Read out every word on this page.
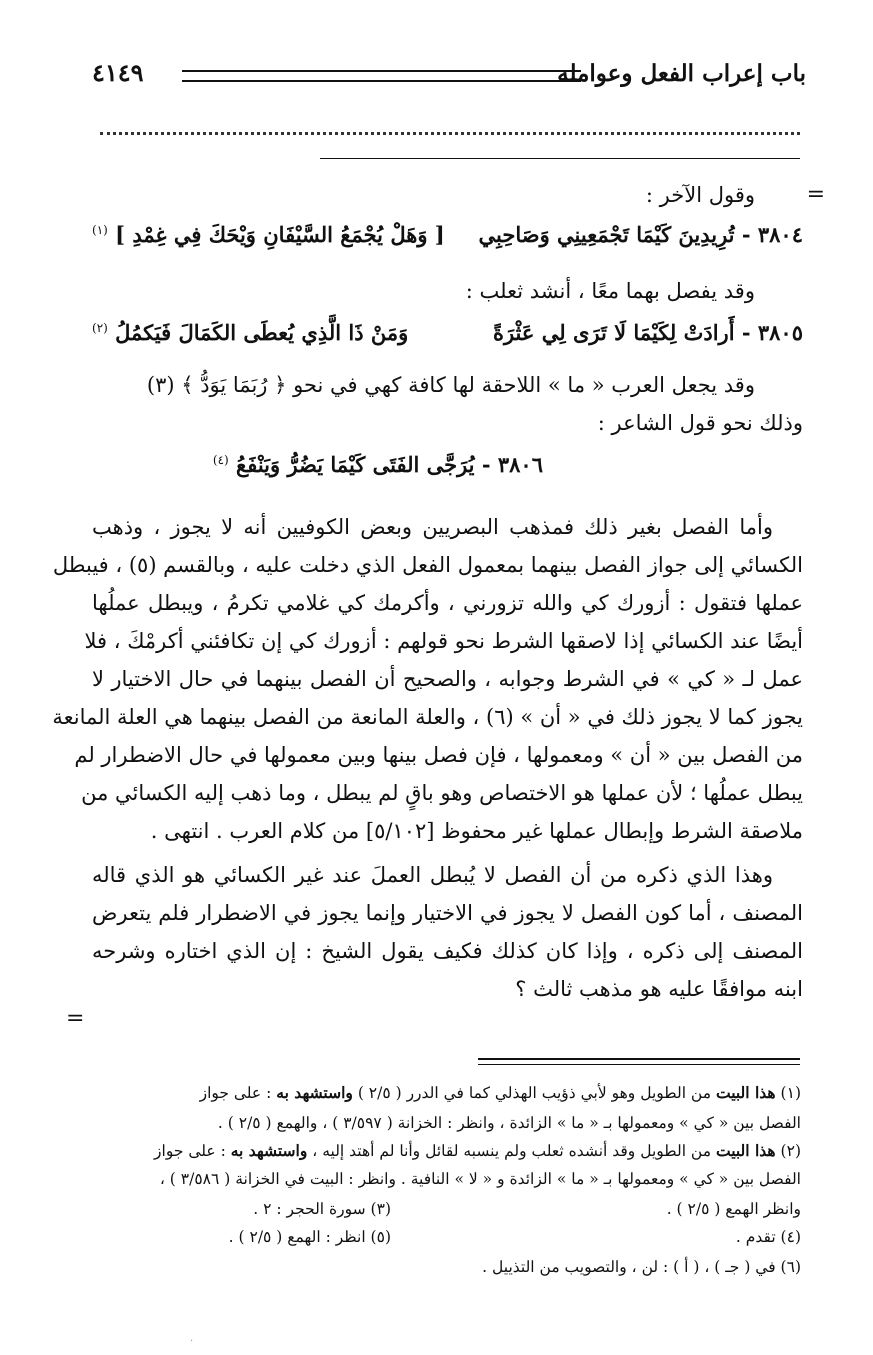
باب إعراب الفعل وعوامله
٤١٤٩
=
وقول الآخر :
٣٨٠٤ - تُرِيدِينَ كَيْمَا تَجْمَعِينِي وَصَاحِبِي
[ وَهَلْ يُجْمَعُ السَّيْفَانِ وَيْحَكَ فِي غِمْدِ ] $^{(١)}$
وقد يفصل بهما معًا ، أنشد ثعلب :
٣٨٠٥ - أَرادَتْ لِكَيْمَا لَا تَرَى لِي عَثْرَةً
وَمَنْ ذَا الَّذِي يُعطَى الكَمَالَ فَيَكمُلُ $^{(٢)}$
وقد يجعل العرب « ما » اللاحقة لها كافة كهي في نحو ﴿ رُبَمَا يَوَدُّ ﴾ (٣)
وذلك نحو قول الشاعر :
٣٨٠٦ - يُرَجَّى الفَتَى كَيْمَا يَضُرُّ وَيَنْفَعُ $^{(٤)}$
وأما الفصل بغير ذلك فمذهب البصريين وبعض الكوفيين أنه لا يجوز ، وذهب
الكسائي إلى جواز الفصل بينهما بمعمول الفعل الذي دخلت عليه ، وبالقسم (٥) ، فيبطل
عملها فتقول : أزورك كي والله تزورني ، وأكرمك كي غلامي تكرمُ ، ويبطل عملُها
أيضًا عند الكسائي إذا لاصقها الشرط نحو قولهم : أزورك كي إن تكافئني أكرمْكَ ، فلا
عمل لـ « كي » في الشرط وجوابه ، والصحيح أن الفصل بينهما في حال الاختيار لا
يجوز كما لا يجوز ذلك في « أن » (٦) ، والعلة المانعة من الفصل بينهما هي العلة المانعة
من الفصل بين « أن » ومعمولها ، فإن فصل بينها وبين معمولها في حال الاضطرار لم
يبطل عملُها ؛ لأن عملها هو الاختصاص وهو باقٍ لم يبطل ، وما ذهب إليه الكسائي من
ملاصقة الشرط وإبطال عملها غير محفوظ [٥/١٠٢] من كلام العرب . انتهى .
وهذا الذي ذكره من أن الفصل لا يُبطل العملَ عند غير الكسائي هو الذي قاله
المصنف ، أما كون الفصل لا يجوز في الاختيار وإنما يجوز في الاضطرار فلم يتعرض
المصنف إلى ذكره ، وإذا كان كذلك فكيف يقول الشيخ : إن الذي اختاره وشرحه
ابنه موافقًا عليه هو مذهب ثالث ؟
=
(١) هذا البيت من الطويل وهو لأبي ذؤيب الهذلي كما في الدرر ( ٢/٥ ) واستشهد به : على جواز
الفصل بين « كي » ومعمولها بـ « ما » الزائدة ، وانظر : الخزانة ( ٣/٥٩٧ ) ، والهمع ( ٢/٥ ) .
(٢) هذا البيت من الطويل وقد أنشده ثعلب ولم ينسبه لقائل وأنا لم أهتد إليه ، واستشهد به : على جواز
الفصل بين « كي » ومعمولها بـ « ما » الزائدة و « لا » النافية . وانظر : البيت في الخزانة ( ٣/٥٨٦ ) ،
وانظر الهمع ( ٢/٥ ) .
(٣) سورة الحجر : ٢ .
(٤) تقدم .
(٥) انظر : الهمع ( ٢/٥ ) .
(٦) في ( جـ ) ، ( أ ) : لن ، والتصويب من التذييل .
·
